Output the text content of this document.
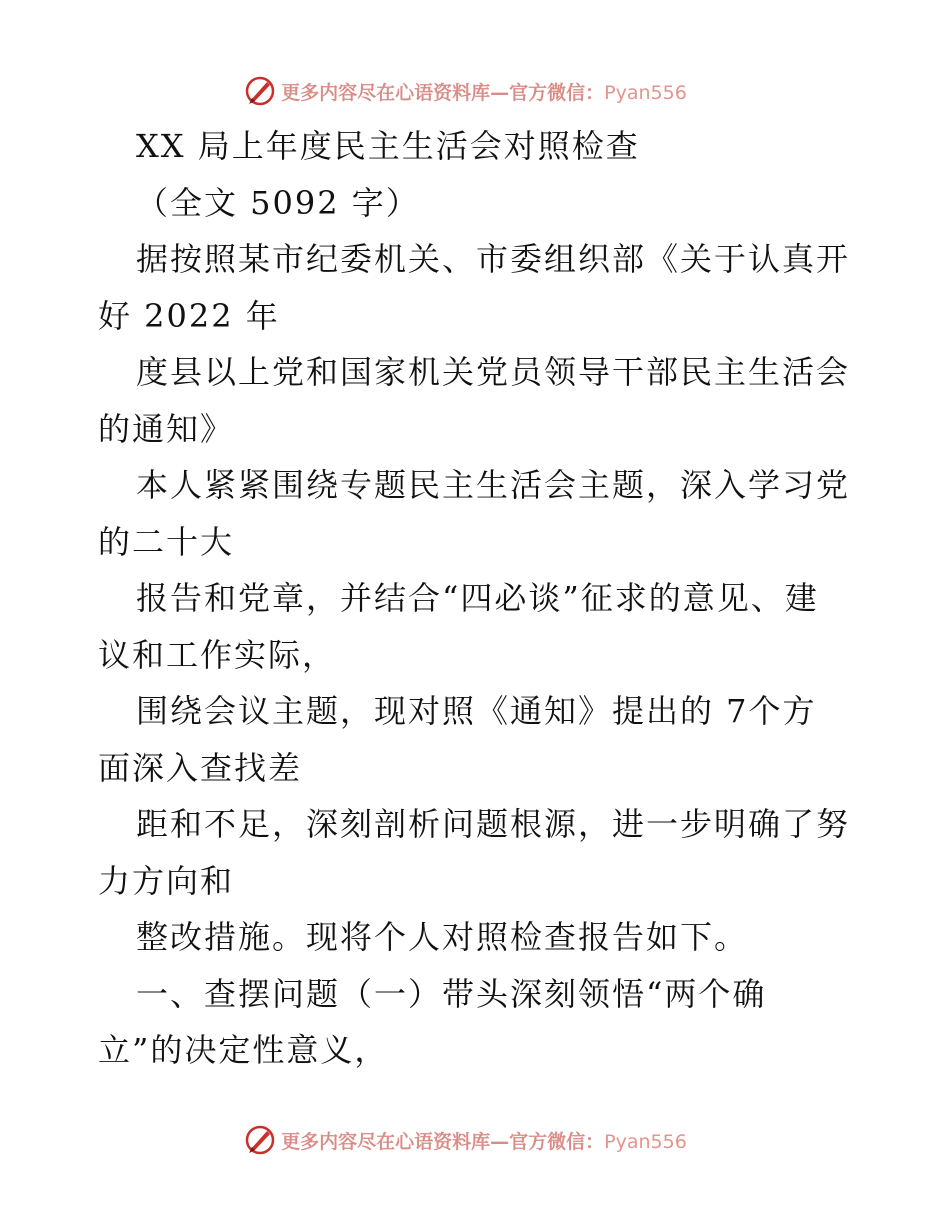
更多内容尽在心语资料库—官方微信：Pyan556
XX 局上年度民主生活会对照检查
（全文 5092 字）
据按照某市纪委机关、市委组织部《关于认真开
好 2022 年
度县以上党和国家机关党员领导干部民主生活会
的通知》
本人紧紧围绕专题民主生活会主题，深入学习党
的二十大
报告和党章，并结合“四必谈”征求的意见、建
议和工作实际，
围绕会议主题，现对照《通知》提出的 7个方
面深入查找差
距和不足，深刻剖析问题根源，进一步明确了努
力方向和
整改措施。现将个人对照检查报告如下。
一、查摆问题（一）带头深刻领悟“两个确
立”的决定性意义，
更多内容尽在心语资料库—官方微信：Pyan556
